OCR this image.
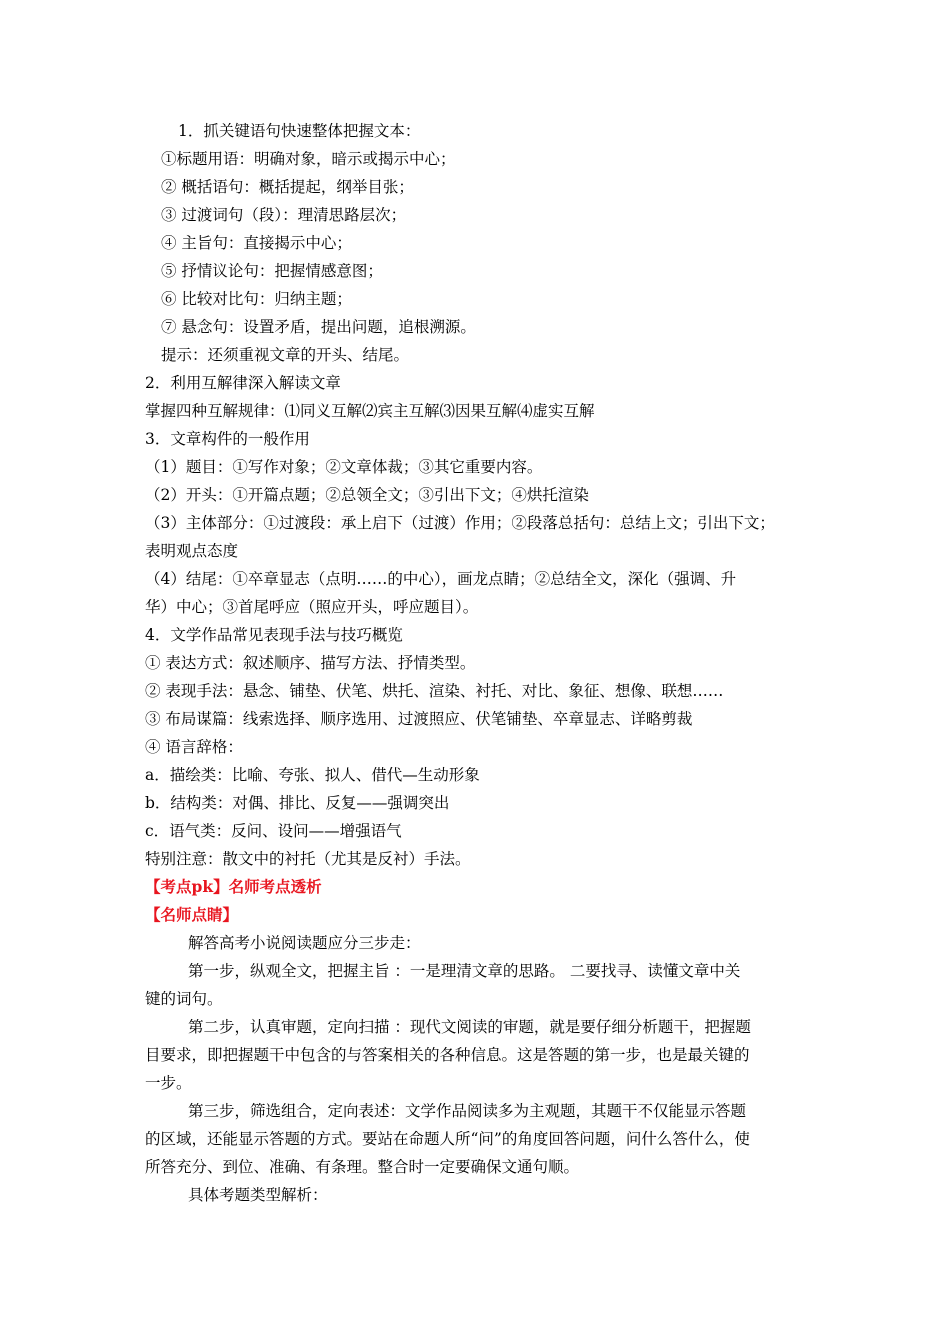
1．抓关键语句快速整体把握文本：
①标题用语：明确对象，暗示或揭示中心；
② 概括语句：概括提起，纲举目张；
③ 过渡词句（段）：理清思路层次；
④ 主旨句：直接揭示中心；
⑤ 抒情议论句：把握情感意图；
⑥ 比较对比句：归纳主题；
⑦ 悬念句：设置矛盾，提出问题，追根溯源。
提示：还须重视文章的开头、结尾。
2．利用互解律深入解读文章
掌握四种互解规律：⑴同义互解⑵宾主互解⑶因果互解⑷虚实互解
3．文章构件的一般作用
（1）题目：①写作对象；②文章体裁；③其它重要内容。
（2）开头：①开篇点题；②总领全文；③引出下文；④烘托渲染
（3）主体部分：①过渡段：承上启下（过渡）作用；②段落总括句：总结上文；引出下文；
表明观点态度
（4）结尾：①卒章显志（点明……的中心），画龙点睛；②总结全文，深化（强调、升
华）中心；③首尾呼应（照应开头，呼应题目）。
4．文学作品常见表现手法与技巧概览
① 表达方式：叙述顺序、描写方法、抒情类型。
② 表现手法：悬念、铺垫、伏笔、烘托、渲染、衬托、对比、象征、想像、联想……
③ 布局谋篇：线索选择、顺序选用、过渡照应、伏笔铺垫、卒章显志、详略剪裁
④ 语言辞格：
a．描绘类：比喻、夸张、拟人、借代—生动形象
b．结构类：对偶、排比、反复——强调突出
c．语气类：反问、设问——增强语气
特别注意：散文中的衬托（尤其是反衬）手法。
【考点pk】名师考点透析
【名师点睛】
解答高考小说阅读题应分三步走：
第一步，纵观全文，把握主旨 ：一是理清文章的思路。 二要找寻、读懂文章中关
键的词句。
第二步，认真审题，定向扫描 ：现代文阅读的审题，就是要仔细分析题干，把握题
目要求，即把握题干中包含的与答案相关的各种信息。这是答题的第一步，也是最关键的
一步。
第三步，筛选组合，定向表述：文学作品阅读多为主观题，其题干不仅能显示答题
的区域，还能显示答题的方式。要站在命题人所“问”的角度回答问题，问什么答什么，使
所答充分、到位、准确、有条理。整合时一定要确保文通句顺。
具体考题类型解析：
